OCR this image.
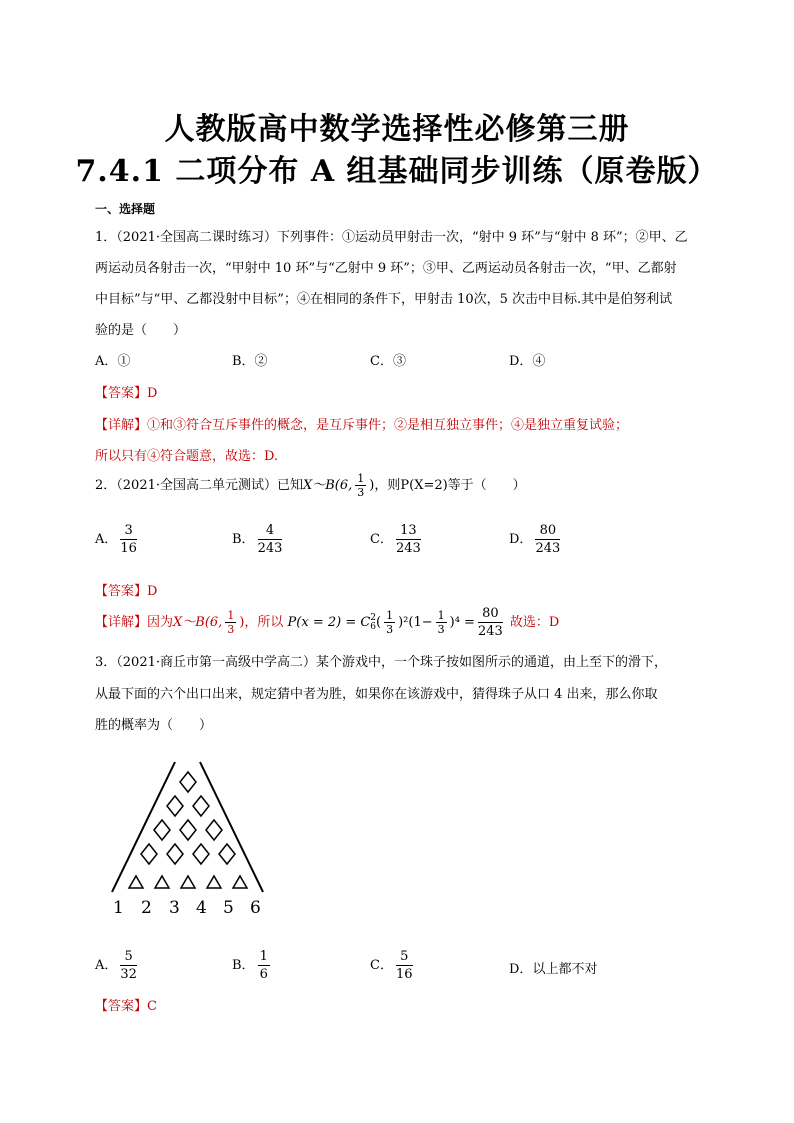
人教版高中数学选择性必修第三册
7.4.1 二项分布 A 组基础同步训练（原卷版）
一、选择题
1．（2021·全国高二课时练习）下列事件：①运动员甲射击一次，“射中 9 环”与“射中 8 环”；②甲、乙
两运动员各射击一次，“甲射中 10 环”与“乙射中 9 环”；③甲、乙两运动员各射击一次，“甲、乙都射
中目标”与“甲、乙都没射中目标”；④在相同的条件下，甲射击 10次，5 次击中目标.其中是伯努利试
验的是（　　）
A．①	B．②	C．③	D．④
【答案】D
【详解】①和③符合互斥事件的概念，是互斥事件；②是相互独立事件；④是独立重复试验；
所以只有④符合题意，故选：D.
2．（2021·全国高二单元测试）已知X～B(6, $\frac{1}{3}$ )，则P(X=2)等于（　　）
A． $\frac{3}{16}$	B． $\frac{4}{243}$	C． $\frac{13}{243}$	D． $\frac{80}{243}$
【答案】D
【详解】因为X～B(6, $\frac{1}{3}$ )，所以 P(x = 2) = C 2
6 ( $\frac{1}{3} )^2(1- \frac{1}{3} )^4 = \frac{80}{243}$ 故选：D
3．（2021·商丘市第一高级中学高二）某个游戏中，一个珠子按如图所示的通道，由上至下的滑下，
从最下面的六个出口出来，规定猜中者为胜，如果你在该游戏中，猜得珠子从口 4 出来，那么你取
胜的概率为（　　）
1 2 3 4 5 6
A． $\frac{5}{32}$	B． $\frac{1}{6}$	C． $\frac{5}{16}$	D．以上都不对
【答案】C
